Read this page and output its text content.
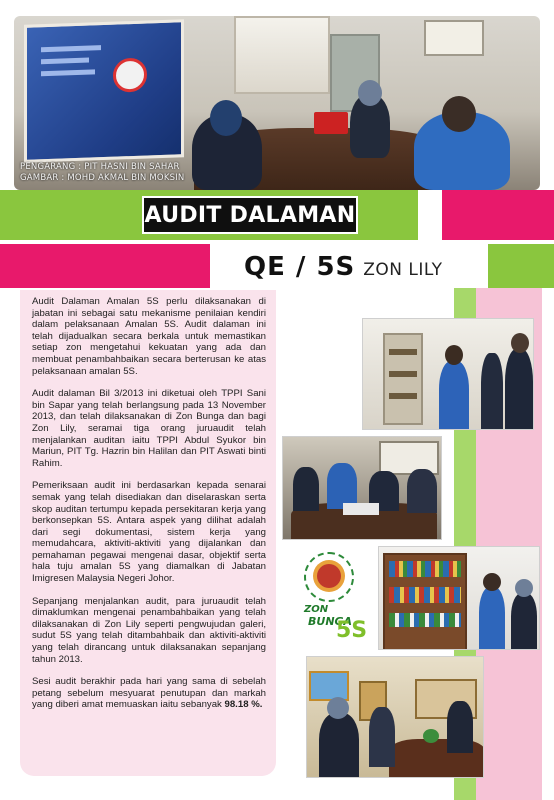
PENGARANG : PIT HASNI BIN SAHAR
GAMBAR : MOHD AKMAL BIN MOKSIN
AUDIT DALAMAN
QE / 5S ZON LILY

Audit Dalaman Amalan 5S perlu dilaksanakan di jabatan ini sebagai satu mekanisme penilaian kendiri dalam pelaksanaan Amalan 5S. Audit dalaman ini telah dijadualkan secara berkala untuk memastikan setiap zon mengetahui kekuatan yang ada dan membuat penambahbaikan secara berterusan ke atas pelaksanaan amalan 5S.

Audit dalaman Bil 3/2013 ini diketuai oleh TPPI Sani bin Sapar yang telah berlangsung pada 13 November 2013, dan telah dilaksanakan di Zon Bunga dan bagi Zon Lily, seramai tiga orang juruaudit telah menjalankan auditan iaitu TPPI Abdul Syukor bin Mariun, PIT Tg. Hazrin bin Halilan dan PIT Aswati binti Rahim.

Pemeriksaan audit ini berdasarkan kepada senarai semak yang telah disediakan dan diselaraskan serta skop auditan tertumpu kepada persekitaran kerja yang berkonsepkan 5S. Antara aspek yang dilihat adalah dari segi dokumentasi, sistem kerja yang memudahcara, aktiviti-aktiviti yang dijalankan dan pemahaman pegawai mengenai dasar, objektif serta hala tuju amalan 5S yang diamalkan di Jabatan Imigresen Malaysia Negeri Johor.

Sepanjang menjalankan audit, para juruaudit telah dimaklumkan mengenai penambahbaikan yang telah dilaksanakan di Zon Lily seperti pengwujudan galeri, sudut 5S yang telah ditambahbaik dan aktiviti-aktiviti yang telah dirancang untuk dilaksanakan sepanjang tahun 2013.

Sesi audit berakhir pada hari yang sama di sebelah petang sebelum mesyuarat penutupan dan markah yang diberi amat memuaskan iaitu sebanyak 98.18 %.

ZON
BUNGA
5S
